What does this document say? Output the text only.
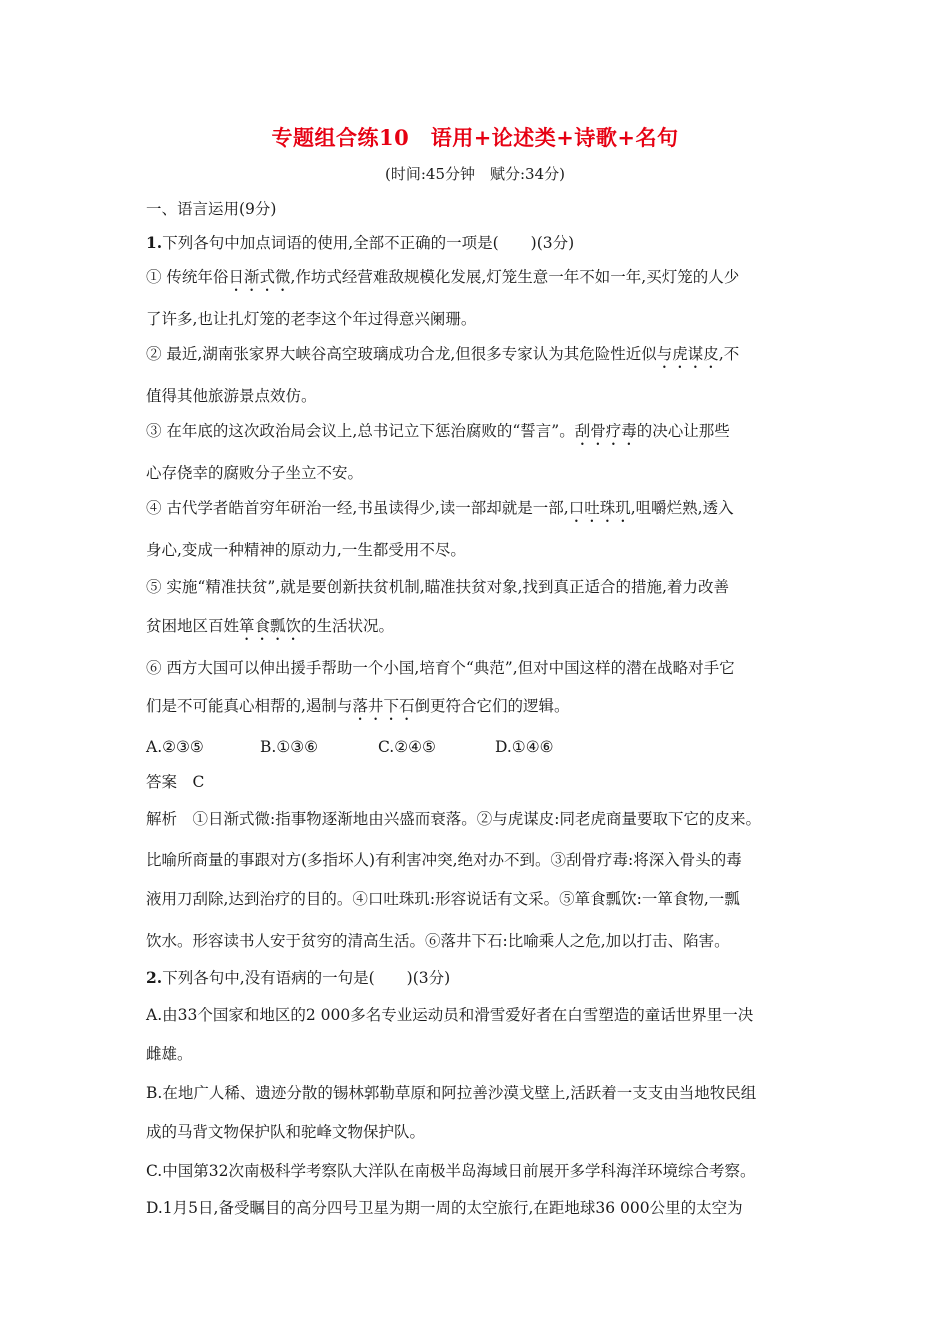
专题组合练10　语用+论述类+诗歌+名句
(时间:45分钟　赋分:34分)
一、语言运用(9分)
1.下列各句中加点词语的使用,全部不正确的一项是( )(3分)
① 传统年俗日渐式微,作坊式经营难敌规模化发展,灯笼生意一年不如一年,买灯笼的人少
了许多,也让扎灯笼的老李这个年过得意兴阑珊。
② 最近,湖南张家界大峡谷高空玻璃成功合龙,但很多专家认为其危险性近似与虎谋皮,不
值得其他旅游景点效仿。
③ 在年底的这次政治局会议上,总书记立下惩治腐败的“誓言”。刮骨疗毒的决心让那些
心存侥幸的腐败分子坐立不安。
④ 古代学者皓首穷年研治一经,书虽读得少,读一部却就是一部,口吐珠玑,咀嚼烂熟,透入
身心,变成一种精神的原动力,一生都受用不尽。
⑤ 实施“精准扶贫”,就是要创新扶贫机制,瞄准扶贫对象,找到真正适合的措施,着力改善
贫困地区百姓箪食瓢饮的生活状况。
⑥ 西方大国可以伸出援手帮助一个小国,培育个“典范”,但对中国这样的潜在战略对手它
们是不可能真心相帮的,遏制与落井下石倒更符合它们的逻辑。
A.②③⑤	B.①③⑥	C.②④⑤	D.①④⑥
答案　C
解析　①日渐式微:指事物逐渐地由兴盛而衰落。②与虎谋皮:同老虎商量要取下它的皮来。
比喻所商量的事跟对方(多指坏人)有利害冲突,绝对办不到。③刮骨疗毒:将深入骨头的毒
液用刀刮除,达到治疗的目的。④口吐珠玑:形容说话有文采。⑤箪食瓢饮:一箪食物,一瓢
饮水。形容读书人安于贫穷的清高生活。⑥落井下石:比喻乘人之危,加以打击、陷害。
2.下列各句中,没有语病的一句是( )(3分)
A.由33个国家和地区的2 000多名专业运动员和滑雪爱好者在白雪塑造的童话世界里一决
雌雄。
B.在地广人稀、遗迹分散的锡林郭勒草原和阿拉善沙漠戈壁上,活跃着一支支由当地牧民组
成的马背文物保护队和驼峰文物保护队。
C.中国第32次南极科学考察队大洋队在南极半岛海域日前展开多学科海洋环境综合考察。
D.1月5日,备受瞩目的高分四号卫星为期一周的太空旅行,在距地球36 000公里的太空为
